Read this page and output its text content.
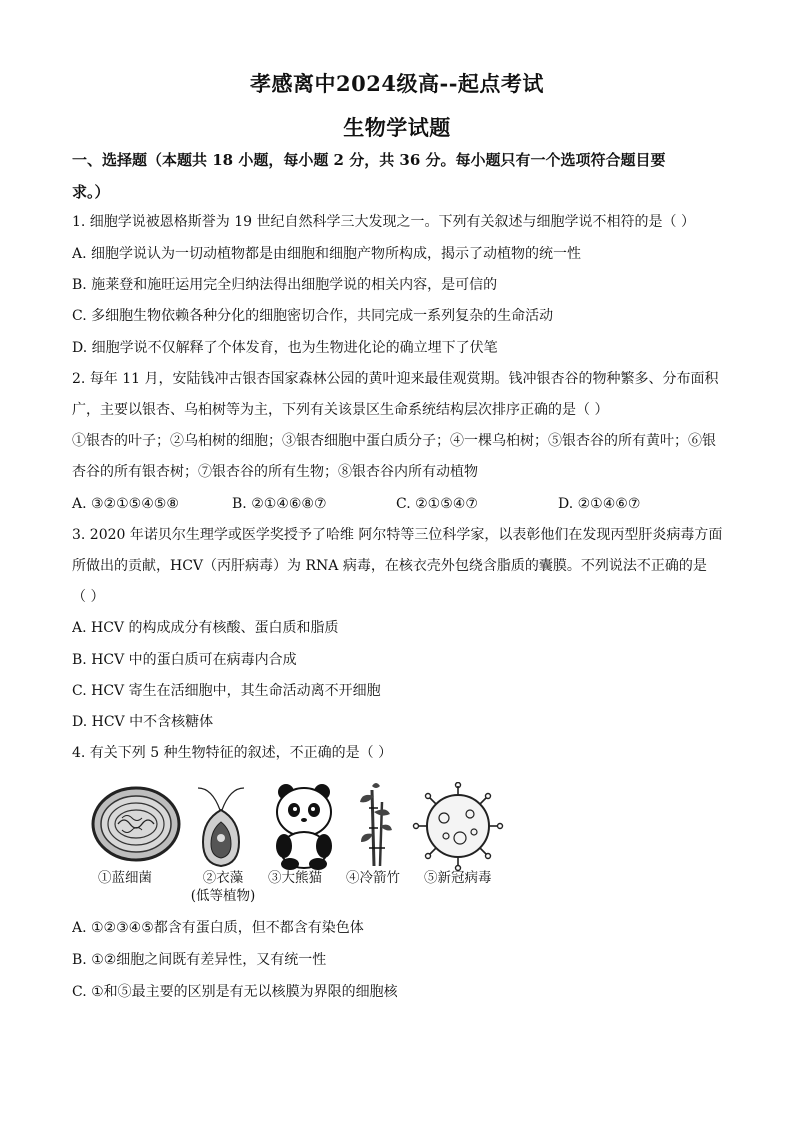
孝感离中2024级高--起点考试
生物学试题
一、选择题（本题共 18 小题，每小题 2 分，共 36 分。每小题只有一个选项符合题目要
求。）
1. 细胞学说被恩格斯誉为 19 世纪自然科学三大发现之一。下列有关叙述与细胞学说不相符的是（ ）
A. 细胞学说认为一切动植物都是由细胞和细胞产物所构成，揭示了动植物的统一性
B. 施莱登和施旺运用完全归纳法得出细胞学说的相关内容，是可信的
C. 多细胞生物依赖各种分化的细胞密切合作，共同完成一系列复杂的生命活动
D. 细胞学说不仅解释了个体发育，也为生物进化论的确立埋下了伏笔
2. 每年 11 月，安陆钱冲古银杏国家森林公园的黄叶迎来最佳观赏期。钱冲银杏谷的物种繁多、分布面积
广，主要以银杏、乌桕树等为主，下列有关该景区生命系统结构层次排序正确的是（ ）
①银杏的叶子；②乌桕树的细胞；③银杏细胞中蛋白质分子；④一棵乌桕树；⑤银杏谷的所有黄叶；⑥银
杏谷的所有银杏树；⑦银杏谷的所有生物；⑧银杏谷内所有动植物
A. ③②①⑤④⑤⑧	B. ②①④⑥⑧⑦	C. ②①⑤④⑦	D. ②①④⑥⑦
3. 2020 年诺贝尔生理学或医学奖授予了哈维 阿尔特等三位科学家，以表彰他们在发现丙型肝炎病毒方面
所做出的贡献，HCV（丙肝病毒）为 RNA 病毒，在核衣壳外包绕含脂质的囊膜。不列说法不正确的是
（ ）
A. HCV 的构成成分有核酸、蛋白质和脂质
B. HCV 中的蛋白质可在病毒内合成
C. HCV 寄生在活细胞中，其生命活动离不开细胞
D. HCV 中不含核糖体
4. 有关下列 5 种生物特征的叙述，不正确的是（ ）
①蓝细菌	②衣藻
(低等植物)
③大熊猫 ④冷箭竹 ⑤新冠病毒
A. ①②③④⑤都含有蛋白质，但不都含有染色体
B. ①②细胞之间既有差异性，又有统一性
C. ①和⑤最主要的区别是有无以核膜为界限的细胞核
